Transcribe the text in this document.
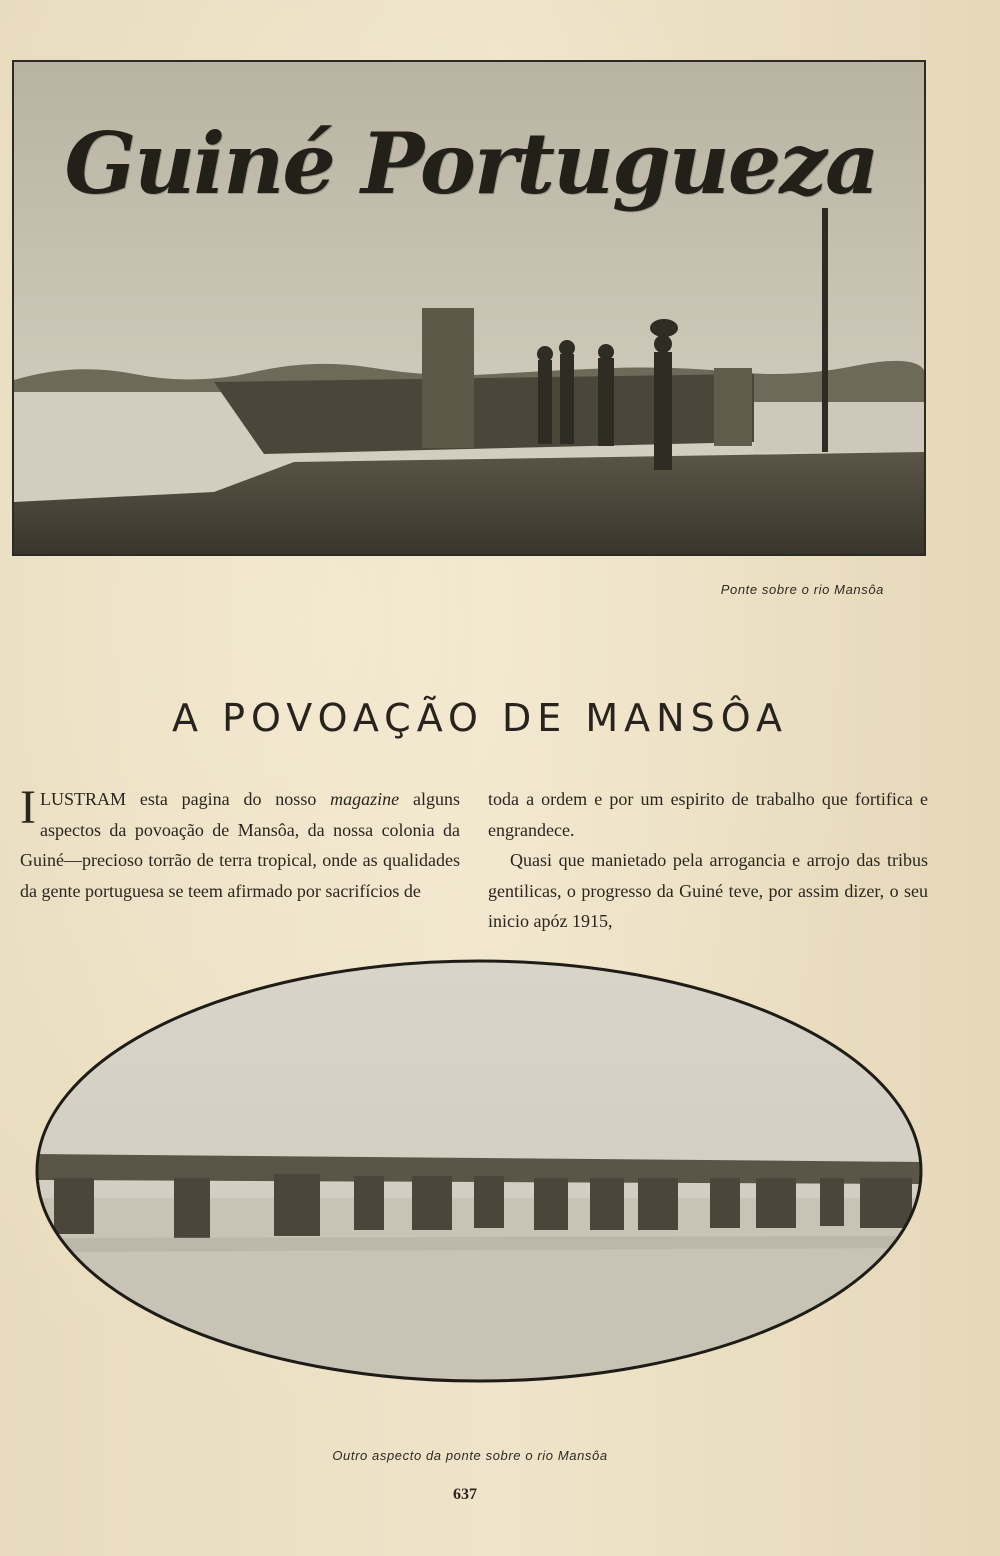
Guiné Portugueza
Ponte sobre o rio Mansôa
A POVOAÇÃO DE MANSÔA

ILUSTRAM esta pagina do nosso magazine alguns aspectos da povoação de Mansôa, da nossa colonia da Guiné—precioso torrão de terra tropical, onde as qualidades da gente portuguesa se teem afirmado por sacrifícios de

toda a ordem e por um espirito de trabalho que fortifica e engrandece.

Quasi que manietado pela arrogancia e arrojo das tribus gentilicas, o progresso da Guiné teve, por assim dizer, o seu inicio apóz 1915,

Outro aspecto da ponte sobre o rio Mansôa
637
